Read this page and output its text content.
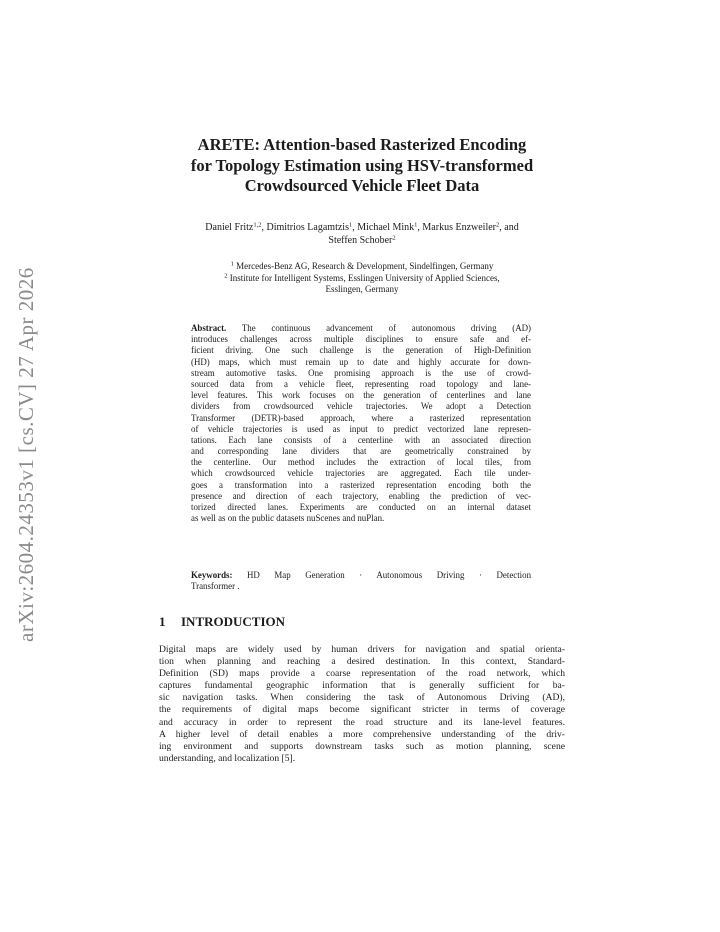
arXiv:2604.24353v1 [cs.CV] 27 Apr 2026
ARETE: Attention-based Rasterized Encoding
for Topology Estimation using HSV-transformed
Crowdsourced Vehicle Fleet Data
Daniel Fritz$^{1,2}$, Dimitrios Lagamtzis$^1$, Michael Mink$^1$, Markus Enzweiler$^2$, and
Steffen Schober$^2$
$^1$ Mercedes-Benz AG, Research & Development, Sindelfingen, Germany
$^2$ Institute for Intelligent Systems, Esslingen University of Applied Sciences,
Esslingen, Germany
Abstract. The continuous advancement of autonomous driving (AD)
introduces challenges across multiple disciplines to ensure safe and ef-
ficient driving. One such challenge is the generation of High-Definition
(HD) maps, which must remain up to date and highly accurate for down-
stream automotive tasks. One promising approach is the use of crowd-
sourced data from a vehicle fleet, representing road topology and lane-
level features. This work focuses on the generation of centerlines and lane
dividers from crowdsourced vehicle trajectories. We adopt a Detection
Transformer (DETR)-based approach, where a rasterized representation
of vehicle trajectories is used as input to predict vectorized lane represen-
tations. Each lane consists of a centerline with an associated direction
and corresponding lane dividers that are geometrically constrained by
the centerline. Our method includes the extraction of local tiles, from
which crowdsourced vehicle trajectories are aggregated. Each tile under-
goes a transformation into a rasterized representation encoding both the
presence and direction of each trajectory, enabling the prediction of vec-
torized directed lanes. Experiments are conducted on an internal dataset
as well as on the public datasets nuScenes and nuPlan.
Keywords: HD Map Generation · Autonomous Driving · Detection
Transformer .
1 INTRODUCTION
Digital maps are widely used by human drivers for navigation and spatial orienta-
tion when planning and reaching a desired destination. In this context, Standard-
Definition (SD) maps provide a coarse representation of the road network, which
captures fundamental geographic information that is generally sufficient for ba-
sic navigation tasks. When considering the task of Autonomous Driving (AD),
the requirements of digital maps become significant stricter in terms of coverage
and accuracy in order to represent the road structure and its lane-level features.
A higher level of detail enables a more comprehensive understanding of the driv-
ing environment and supports downstream tasks such as motion planning, scene
understanding, and localization [5].
